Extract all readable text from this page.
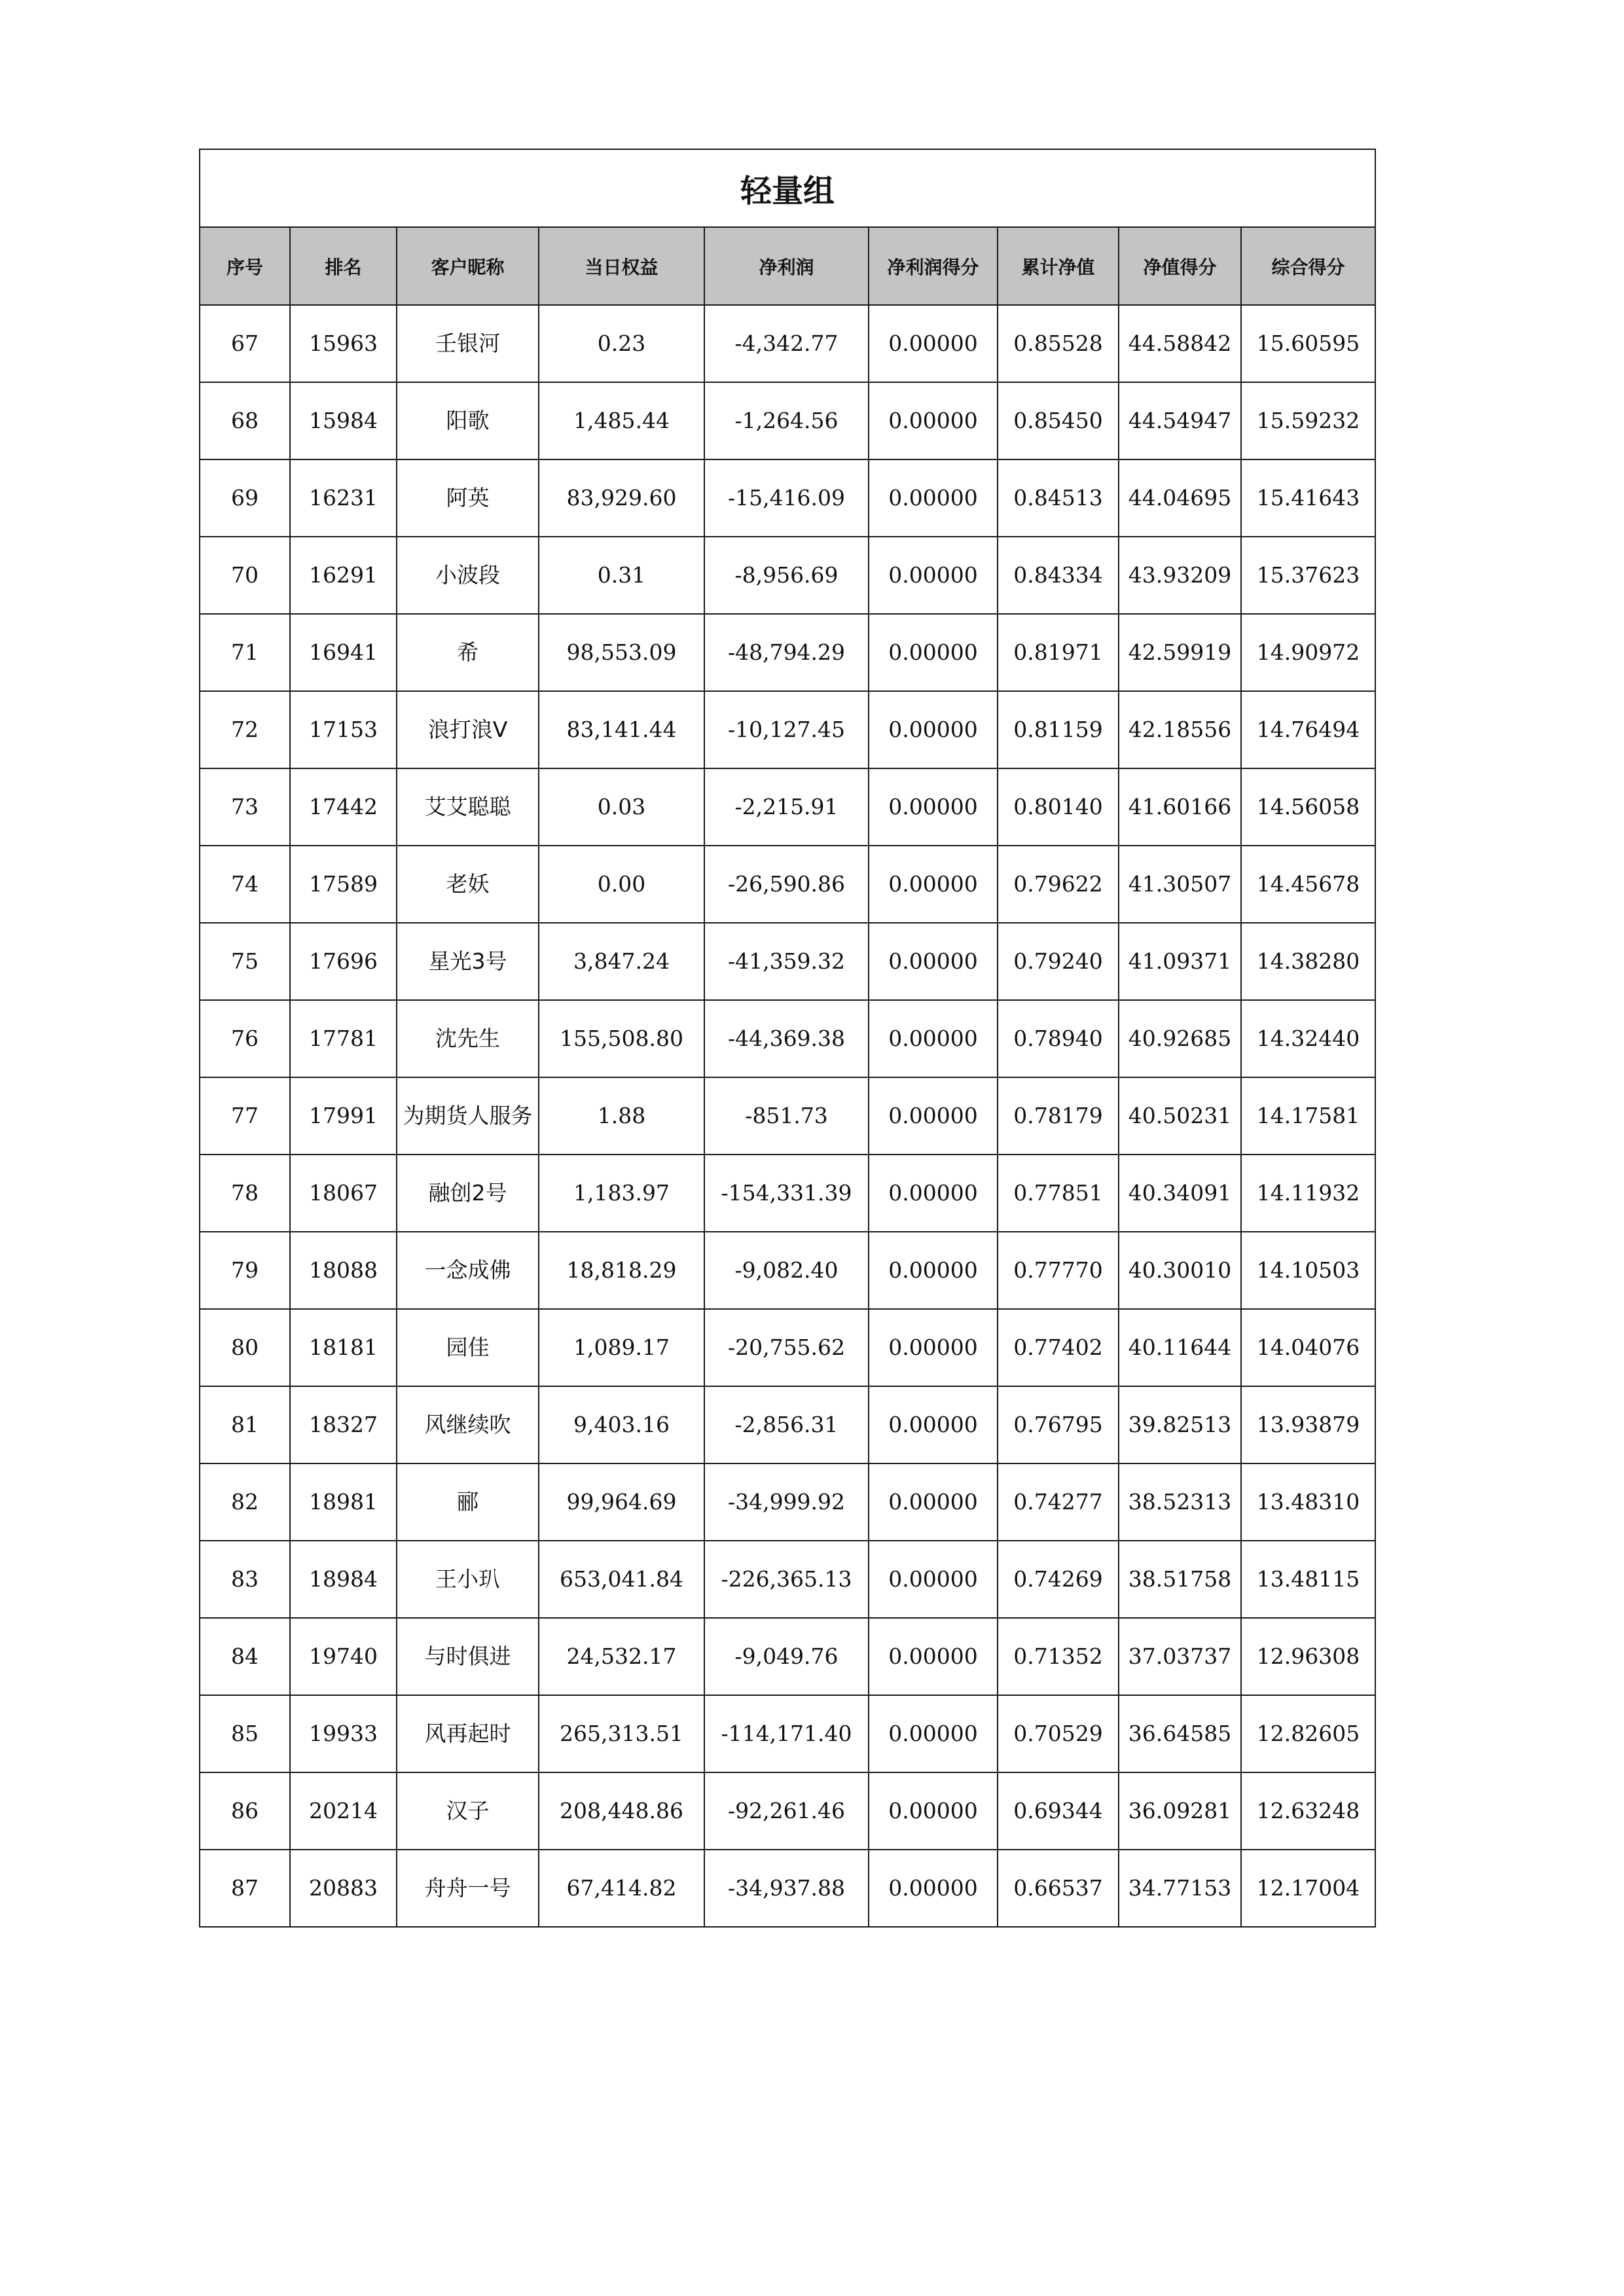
轻量组								
序号	排名	客户昵称	当日权益	净利润	净利润得分	累计净值	净值得分	综合得分
67	15963	壬银河	0.23	-4,342.77	0.00000	0.85528	44.58842	15.60595
68	15984	阳歌	1,485.44	-1,264.56	0.00000	0.85450	44.54947	15.59232
69	16231	阿英	83,929.60	-15,416.09	0.00000	0.84513	44.04695	15.41643
70	16291	小波段	0.31	-8,956.69	0.00000	0.84334	43.93209	15.37623
71	16941	希	98,553.09	-48,794.29	0.00000	0.81971	42.59919	14.90972
72	17153	浪打浪V	83,141.44	-10,127.45	0.00000	0.81159	42.18556	14.76494
73	17442	艾艾聪聪	0.03	-2,215.91	0.00000	0.80140	41.60166	14.56058
74	17589	老妖	0.00	-26,590.86	0.00000	0.79622	41.30507	14.45678
75	17696	星光3号	3,847.24	-41,359.32	0.00000	0.79240	41.09371	14.38280
76	17781	沈先生	155,508.80	-44,369.38	0.00000	0.78940	40.92685	14.32440
77	17991	为期货人服务	1.88	-851.73	0.00000	0.78179	40.50231	14.17581
78	18067	融创2号	1,183.97	-154,331.39	0.00000	0.77851	40.34091	14.11932
79	18088	一念成佛	18,818.29	-9,082.40	0.00000	0.77770	40.30010	14.10503
80	18181	园佳	1,089.17	-20,755.62	0.00000	0.77402	40.11644	14.04076
81	18327	风继续吹	9,403.16	-2,856.31	0.00000	0.76795	39.82513	13.93879
82	18981	郦	99,964.69	-34,999.92	0.00000	0.74277	38.52313	13.48310
83	18984	王小玐	653,041.84	-226,365.13	0.00000	0.74269	38.51758	13.48115
84	19740	与时俱进	24,532.17	-9,049.76	0.00000	0.71352	37.03737	12.96308
85	19933	风再起时	265,313.51	-114,171.40	0.00000	0.70529	36.64585	12.82605
86	20214	汉子	208,448.86	-92,261.46	0.00000	0.69344	36.09281	12.63248
87	20883	舟舟一号	67,414.82	-34,937.88	0.00000	0.66537	34.77153	12.17004
